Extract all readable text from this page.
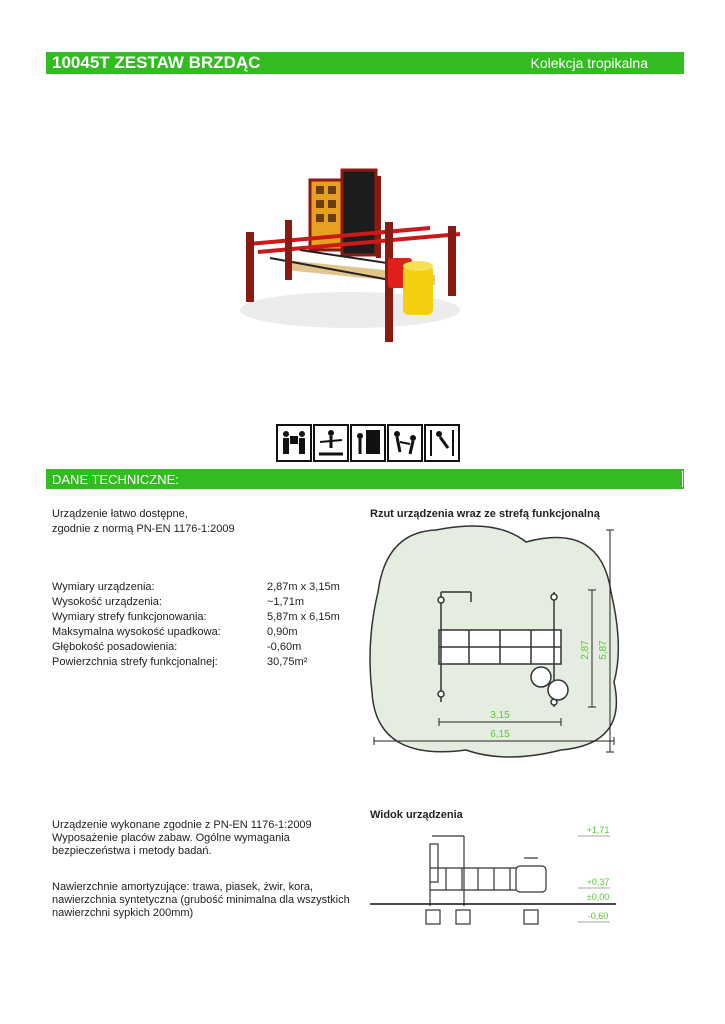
10045T ZESTAW BRZDĄC	Kolekcja tropikalna
DANE TECHNICZNE:
Urządzenie łatwo dostępne,
zgodnie z normą PN-EN 1176-1:2009
Wymiary urządzenia:	2,87m x 3,15m
Wysokość urządzenia:	~1,71m
Wymiary strefy funkcjonowania:	5,87m x 6,15m
Maksymalna wysokość upadkowa:	0,90m
Głębokość posadowienia:	-0,60m
Powierzchnia strefy funkcjonalnej:	30,75m²
Rzut urządzenia wraz ze strefą funkcjonalną
3,15
6,15
2,87 5,87
Widok urządzenia
+1,71
+0,37
±0,00
-0,60
Urządzenie wykonane zgodnie z PN-EN 1176-1:2009
Wyposażenie placów zabaw. Ogólne wymagania
bezpieczeństwa i metody badań.
Nawierzchnie amortyzujące: trawa, piasek, żwir, kora,
nawierzchnia syntetyczna (grubość minimalna dla wszystkich
nawierzchni sypkich 200mm)
